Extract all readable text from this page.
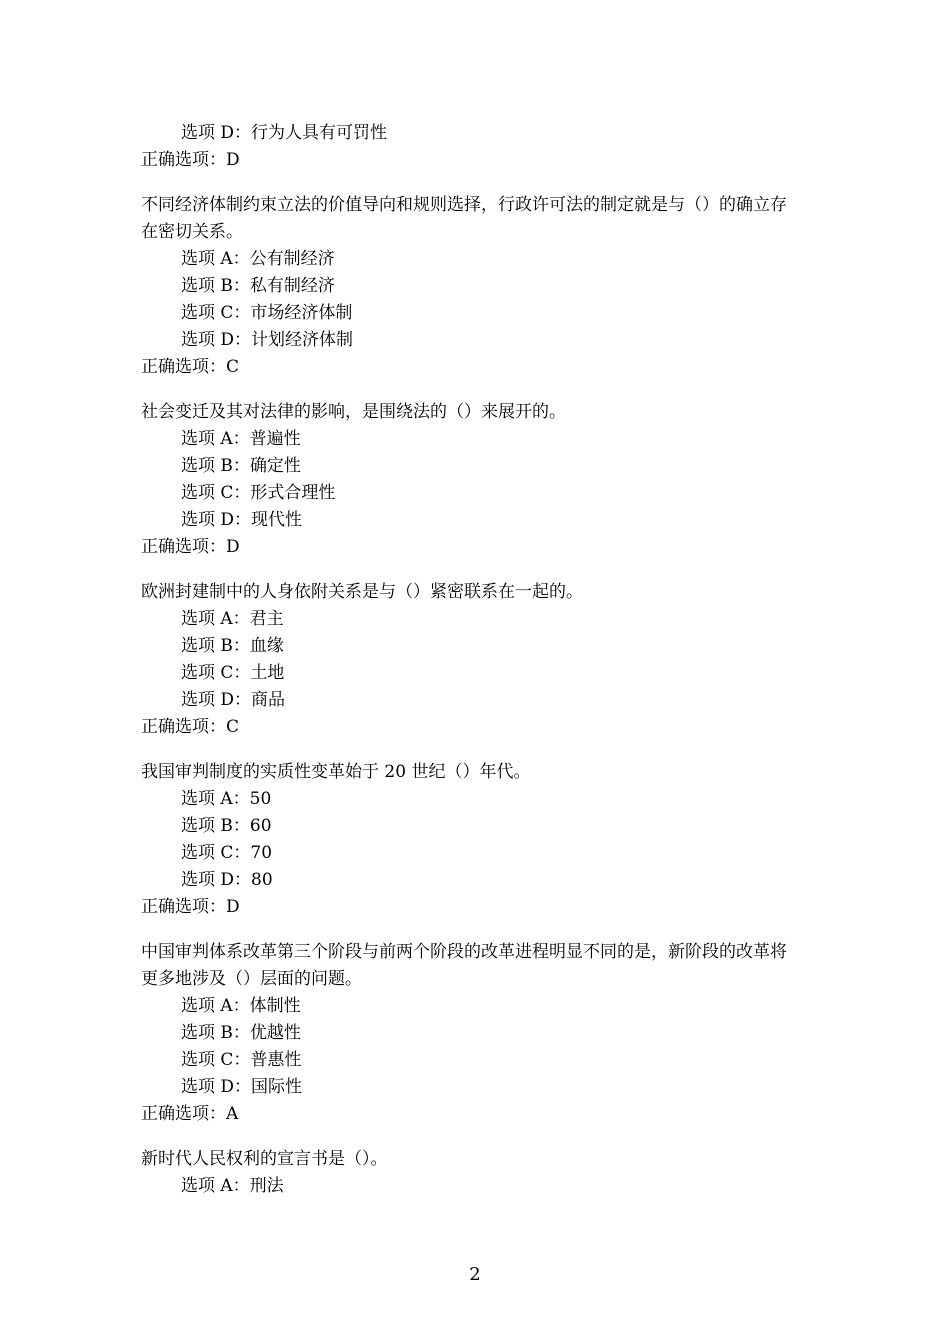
选项 D：行为人具有可罚性
正确选项：D
不同经济体制约束立法的价值导向和规则选择，行政许可法的制定就是与（）的确立存在密切关系。
选项 A：公有制经济
选项 B：私有制经济
选项 C：市场经济体制
选项 D：计划经济体制
正确选项：C
社会变迁及其对法律的影响，是围绕法的（）来展开的。
选项 A：普遍性
选项 B：确定性
选项 C：形式合理性
选项 D：现代性
正确选项：D
欧洲封建制中的人身依附关系是与（）紧密联系在一起的。
选项 A：君主
选项 B：血缘
选项 C：土地
选项 D：商品
正确选项：C
我国审判制度的实质性变革始于 20 世纪（）年代。
选项 A：50
选项 B：60
选项 C：70
选项 D：80
正确选项：D
中国审判体系改革第三个阶段与前两个阶段的改革进程明显不同的是，新阶段的改革将更多地涉及（）层面的问题。
选项 A：体制性
选项 B：优越性
选项 C：普惠性
选项 D：国际性
正确选项：A
新时代人民权利的宣言书是（）。
选项 A：刑法
2
